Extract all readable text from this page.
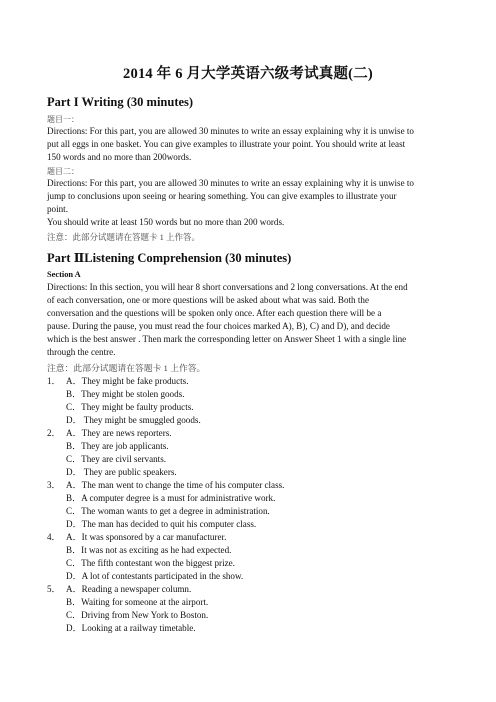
2014 年 6 月大学英语六级考试真题(二)
Part I Writing (30 minutes)
题目一：
Directions: For this part, you are allowed 30 minutes to write an essay explaining why it is unwise to
put all eggs in one basket. You can give examples to illustrate your point. You should write at least
150 words and no more than 200words.
题目二：
Directions: For this part, you are allowed 30 minutes to write an essay explaining why it is unwise to
jump to conclusions upon seeing or hearing something. You can give examples to illustrate your
point.
You should write at least 150 words but no more than 200 words.
注意：此部分试题请在答题卡 1 上作答。
Part ⅡListening Comprehension (30 minutes)
Section A
Directions: In this section, you will hear 8 short conversations and 2 long conversations. At the end
of each conversation, one or more questions will be asked about what was said. Both the
conversation and the questions will be spoken only once. After each question there will be a
pause. During the pause, you must read the four choices marked A), B), C) and D), and decide
which is the best answer . Then mark the corresponding letter on Answer Sheet 1 with a single line
through the centre.
注意：此部分试题请在答题卡 1 上作答。
1． A．They might be fake products.
B．They might be stolen goods.
C．They might be faulty products.
D． They might be smuggled goods.
2． A．They are news reporters.
B．They are job applicants.
C．They are civil servants.
D． They are public speakers.
3． A．The man went to change the time of his computer class.
B．A computer degree is a must for administrative work.
C．The woman wants to get a degree in administration.
D．The man has decided to quit his computer class.
4． A．It was sponsored by a car manufacturer.
B．It was not as exciting as he had expected.
C．The fifth contestant won the biggest prize.
D．A lot of contestants participated in the show.
5． A．Reading a newspaper column.
B．Waiting for someone at the airport.
C．Driving from New York to Boston.
D．Looking at a railway timetable.
